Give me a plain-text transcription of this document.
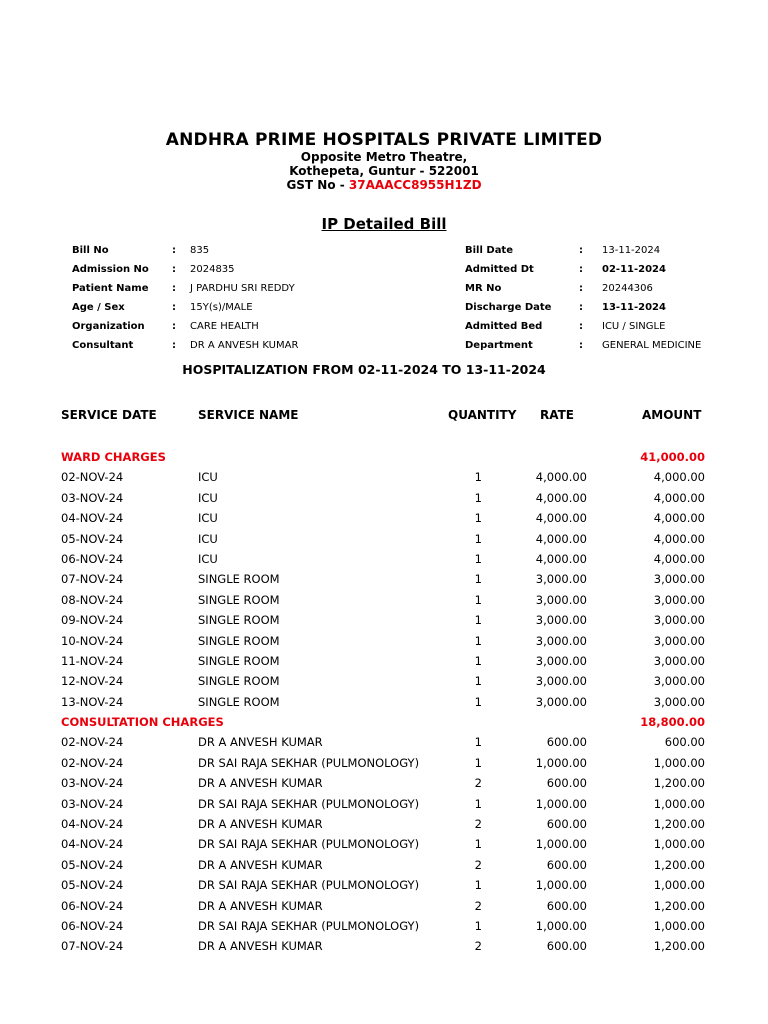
ANDHRA PRIME HOSPITALS PRIVATE LIMITED
Opposite Metro Theatre,
Kothepeta, Guntur - 522001
GST No - 37AAACC8955H1ZD
IP Detailed Bill
Bill No	: 835
Admission No : 2024835
Patient Name : J PARDHU SRI REDDY
Age / Sex	: 15Y(s)/MALE
Organization	: CARE HEALTH
Consultant	: DR A ANVESH KUMAR
Bill Date	: 13-11-2024
Admitted Dt	: 02-11-2024
MR No	: 20244306
Discharge Date	: 13-11-2024
Admitted Bed	: ICU / SINGLE
Department	: GENERAL MEDICINE
HOSPITALIZATION FROM 02-11-2024 TO 13-11-2024
SERVICE DATE	SERVICE NAME	QUANTITY RATE	AMOUNT
WARD CHARGES	41,000.00
02-NOV-24	ICU	1	4,000.00	4,000.00
03-NOV-24	ICU	1	4,000.00	4,000.00
04-NOV-24	ICU	1	4,000.00	4,000.00
05-NOV-24	ICU	1	4,000.00	4,000.00
06-NOV-24	ICU	1	4,000.00	4,000.00
07-NOV-24	SINGLE ROOM	1	3,000.00	3,000.00
08-NOV-24	SINGLE ROOM	1	3,000.00	3,000.00
09-NOV-24	SINGLE ROOM	1	3,000.00	3,000.00
10-NOV-24	SINGLE ROOM	1	3,000.00	3,000.00
11-NOV-24	SINGLE ROOM	1	3,000.00	3,000.00
12-NOV-24	SINGLE ROOM	1	3,000.00	3,000.00
13-NOV-24	SINGLE ROOM	1	3,000.00	3,000.00
CONSULTATION CHARGES	18,800.00
02-NOV-24	DR A ANVESH KUMAR	1	600.00	600.00
02-NOV-24	DR SAI RAJA SEKHAR (PULMONOLOGY)	1	1,000.00	1,000.00
03-NOV-24	DR A ANVESH KUMAR	2	600.00	1,200.00
03-NOV-24	DR SAI RAJA SEKHAR (PULMONOLOGY)	1	1,000.00	1,000.00
04-NOV-24	DR A ANVESH KUMAR	2	600.00	1,200.00
04-NOV-24	DR SAI RAJA SEKHAR (PULMONOLOGY)	1	1,000.00	1,000.00
05-NOV-24	DR A ANVESH KUMAR	2	600.00	1,200.00
05-NOV-24	DR SAI RAJA SEKHAR (PULMONOLOGY)	1	1,000.00	1,000.00
06-NOV-24	DR A ANVESH KUMAR	2	600.00	1,200.00
06-NOV-24	DR SAI RAJA SEKHAR (PULMONOLOGY)	1	1,000.00	1,000.00
07-NOV-24	DR A ANVESH KUMAR	2	600.00	1,200.00
